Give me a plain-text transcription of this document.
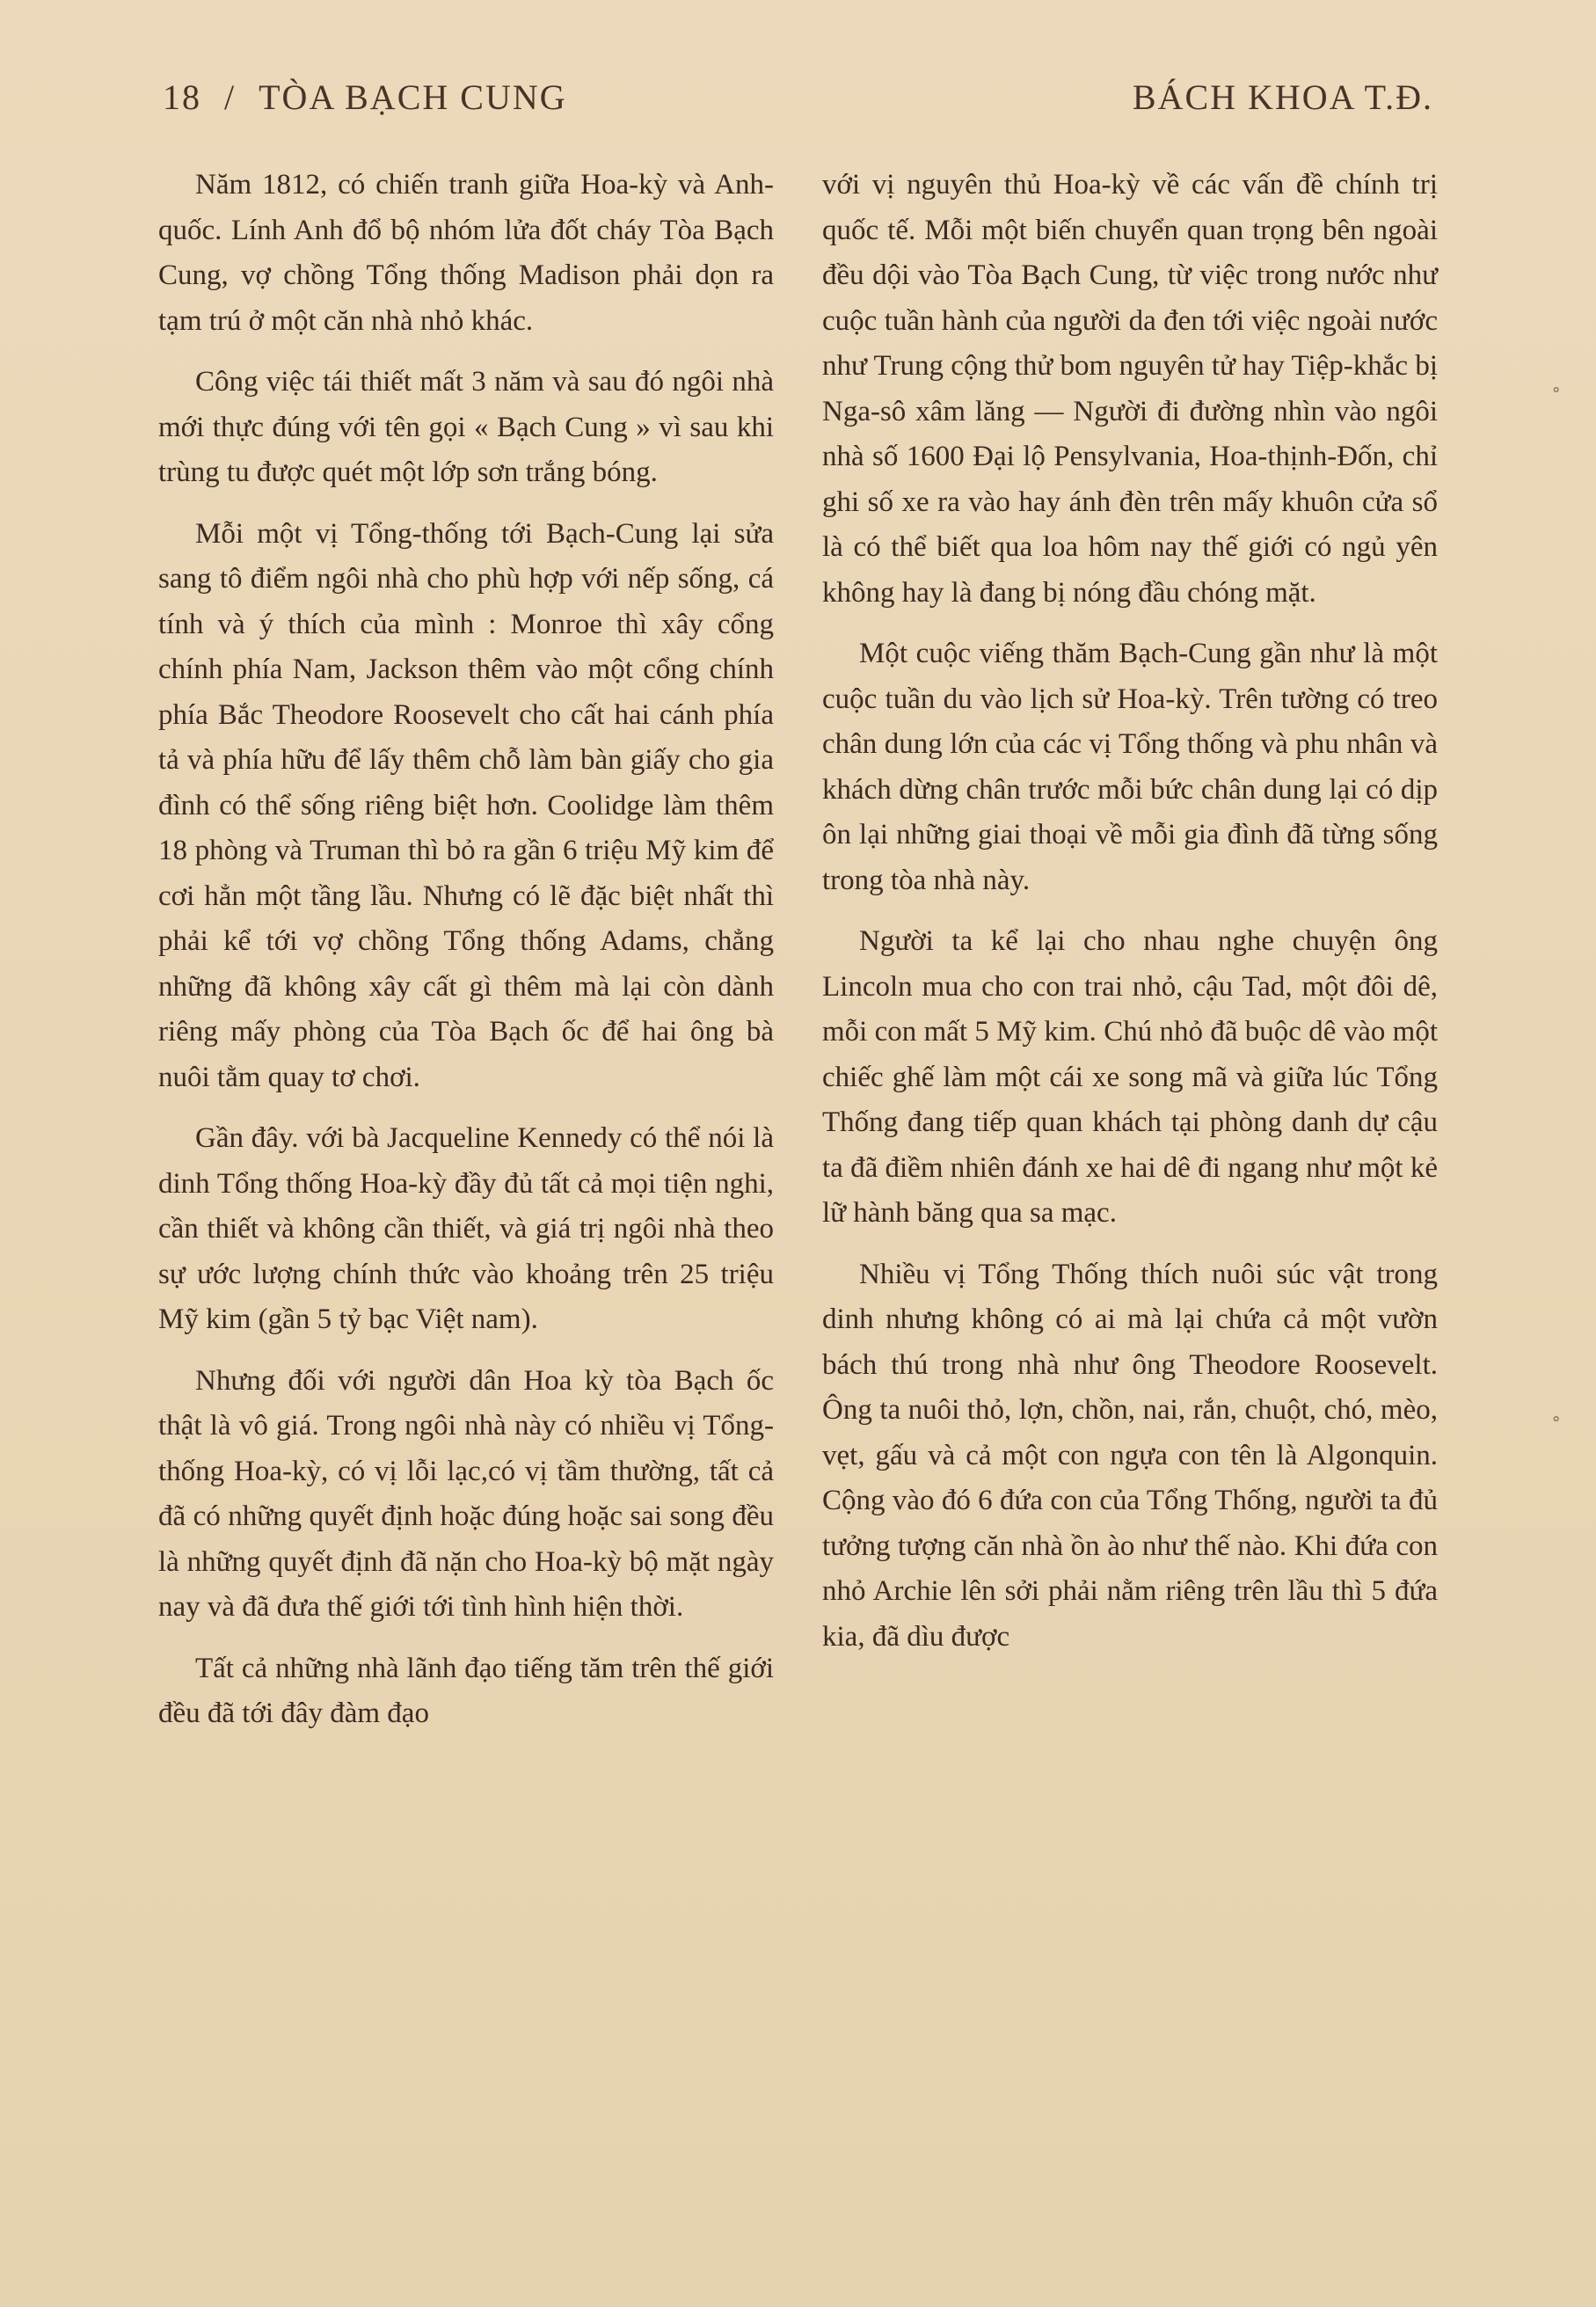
18 / TÒA BẠCH CUNG	BÁCH KHOA T.Đ.

Năm 1812, có chiến tranh giữa Hoa-kỳ và Anh-quốc. Lính Anh đổ bộ nhóm lửa đốt cháy Tòa Bạch Cung, vợ chồng Tổng thống Madison phải dọn ra tạm trú ở một căn nhà nhỏ khác.

Công việc tái thiết mất 3 năm và sau đó ngôi nhà mới thực đúng với tên gọi « Bạch Cung » vì sau khi trùng tu được quét một lớp sơn trắng bóng.

Mỗi một vị Tổng-thống tới Bạch-Cung lại sửa sang tô điểm ngôi nhà cho phù hợp với nếp sống, cá tính và ý thích của mình : Monroe thì xây cổng chính phía Nam, Jackson thêm vào một cổng chính phía Bắc Theodore Roosevelt cho cất hai cánh phía tả và phía hữu để lấy thêm chỗ làm bàn giấy cho gia đình có thể sống riêng biệt hơn. Coolidge làm thêm 18 phòng và Truman thì bỏ ra gần 6 triệu Mỹ kim để cơi hẳn một tầng lầu. Nhưng có lẽ đặc biệt nhất thì phải kể tới vợ chồng Tổng thống Adams, chẳng những đã không xây cất gì thêm mà lại còn dành riêng mấy phòng của Tòa Bạch ốc để hai ông bà nuôi tằm quay tơ chơi.

Gần đây. với bà Jacqueline Kennedy có thể nói là dinh Tổng thống Hoa-kỳ đầy đủ tất cả mọi tiện nghi, cần thiết và không cần thiết, và giá trị ngôi nhà theo sự ước lượng chính thức vào khoảng trên 25 triệu Mỹ kim (gần 5 tỷ bạc Việt nam).

Nhưng đối với người dân Hoa kỳ tòa Bạch ốc thật là vô giá. Trong ngôi nhà này có nhiều vị Tổng-thống Hoa-kỳ, có vị lỗi lạc,có vị tầm thường, tất cả đã có những quyết định hoặc đúng hoặc sai song đều là những quyết định đã nặn cho Hoa-kỳ bộ mặt ngày nay và đã đưa thế giới tới tình hình hiện thời.

Tất cả những nhà lãnh đạo tiếng tăm trên thế giới đều đã tới đây đàm đạo

với vị nguyên thủ Hoa-kỳ về các vấn đề chính trị quốc tế. Mỗi một biến chuyển quan trọng bên ngoài đều dội vào Tòa Bạch Cung, từ việc trong nước như cuộc tuần hành của người da đen tới việc ngoài nước như Trung cộng thử bom nguyên tử hay Tiệp-khắc bị Nga-sô xâm lăng — Người đi đường nhìn vào ngôi nhà số 1600 Đại lộ Pensylvania, Hoa-thịnh-Đốn, chỉ ghi số xe ra vào hay ánh đèn trên mấy khuôn cửa sổ là có thể biết qua loa hôm nay thế giới có ngủ yên không hay là đang bị nóng đầu chóng mặt.

Một cuộc viếng thăm Bạch-Cung gần như là một cuộc tuần du vào lịch sử Hoa-kỳ. Trên tường có treo chân dung lớn của các vị Tổng thống và phu nhân và khách dừng chân trước mỗi bức chân dung lại có dịp ôn lại những giai thoại về mỗi gia đình đã từng sống trong tòa nhà này.

Người ta kể lại cho nhau nghe chuyện ông Lincoln mua cho con trai nhỏ, cậu Tad, một đôi dê, mỗi con mất 5 Mỹ kim. Chú nhỏ đã buộc dê vào một chiếc ghế làm một cái xe song mã và giữa lúc Tổng Thống đang tiếp quan khách tại phòng danh dự cậu ta đã điềm nhiên đánh xe hai dê đi ngang như một kẻ lữ hành băng qua sa mạc.

Nhiều vị Tổng Thống thích nuôi súc vật trong dinh nhưng không có ai mà lại chứa cả một vườn bách thú trong nhà như ông Theodore Roosevelt. Ông ta nuôi thỏ, lợn, chồn, nai, rắn, chuột, chó, mèo, vẹt, gấu và cả một con ngựa con tên là Algonquin. Cộng vào đó 6 đứa con của Tổng Thống, người ta đủ tưởng tượng căn nhà ồn ào như thế nào. Khi đứa con nhỏ Archie lên sởi phải nằm riêng trên lầu thì 5 đứa kia, đã dìu được

∘
∘
